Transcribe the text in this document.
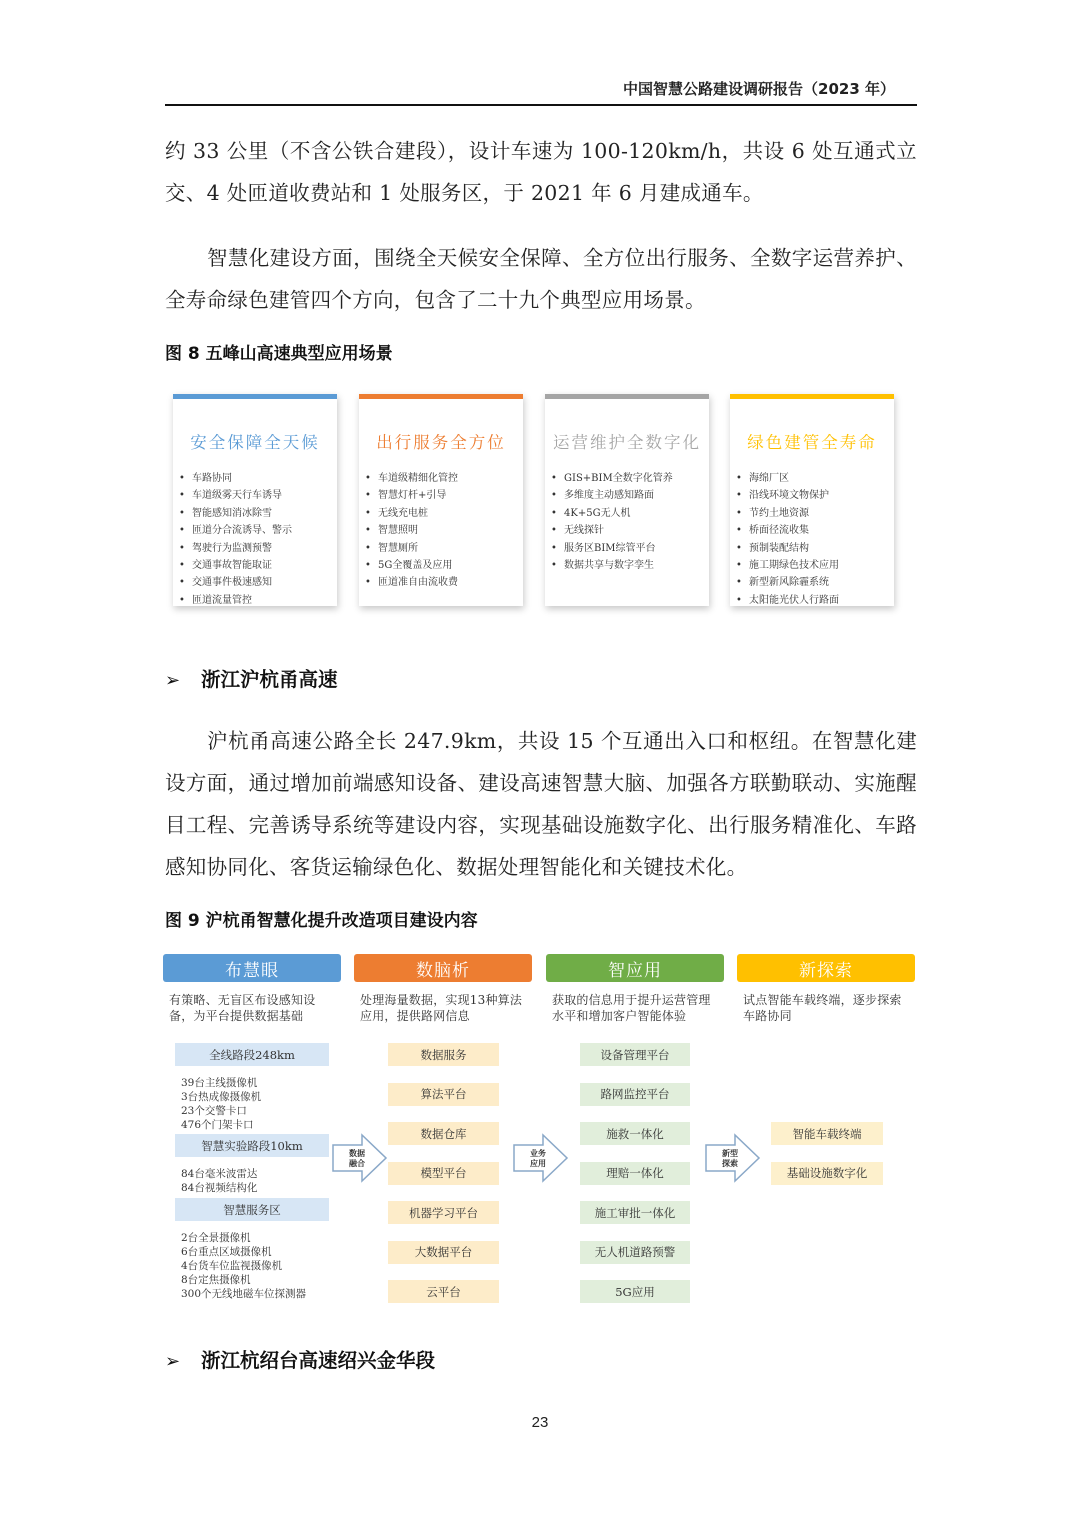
中国智慧公路建设调研报告（2023 年）
约 33 公里（不含公铁合建段），设计车速为 100-120km/h，共设 6 处互通式立交、4 处匝道收费站和 1 处服务区，于 2021 年 6 月建成通车。
智慧化建设方面，围绕全天候安全保障、全方位出行服务、全数字运营养护、全寿命绿色建管四个方向，包含了二十九个典型应用场景。
图 8 五峰山高速典型应用场景
安全保障全天候
• 车路协同
• 车道级雾天行车诱导
• 智能感知消冰除雪
• 匝道分合流诱导、警示
• 驾驶行为监测预警
• 交通事故智能取证
• 交通事件极速感知
• 匝道流量管控
出行服务全方位
• 车道级精细化管控
• 智慧灯杆+引导
• 无线充电桩
• 智慧照明
• 智慧厕所
• 5G全覆盖及应用
• 匝道准自由流收费
运营维护全数字化
• GIS+BIM全数字化管养
• 多维度主动感知路面
• 4K+5G无人机
• 无线探针
• 服务区BIM综管平台
• 数据共享与数字孪生
绿色建管全寿命
• 海绵厂区
• 沿线环境文物保护
• 节约土地资源
• 桥面径流收集
• 预制装配结构
• 施工期绿色技术应用
• 新型新风除霾系统
• 太阳能光伏人行路面
➢ 浙江沪杭甬高速
沪杭甬高速公路全长 247.9km，共设 15 个互通出入口和枢纽。在智慧化建设方面，通过增加前端感知设备、建设高速智慧大脑、加强各方联勤联动、实施醒目工程、完善诱导系统等建设内容，实现基础设施数字化、出行服务精准化、车路感知协同化、客货运输绿色化、数据处理智能化和关键技术化。
图 9 沪杭甬智慧化提升改造项目建设内容
布慧眼
有策略、无盲区布设感知设备，为平台提供数据基础
数脑析
处理海量数据，实现13种算法应用，提供路网信息
智应用
获取的信息用于提升运营管理水平和增加客户智能体验
新探索
试点智能车载终端，逐步探索车路协同
全线路段248km
39台主线摄像机
3台热成像摄像机
23个交警卡口
476个门架卡口
智慧实验路段10km
84台毫米波雷达
84台视频结构化
智慧服务区
2台全景摄像机
6台重点区域摄像机
4台货车位监视摄像机
8台定焦摄像机
300个无线地磁车位探测器
数据服务
算法平台
数据仓库
模型平台
机器学习平台
大数据平台
云平台
设备管理平台
路网监控平台
施救一体化
理赔一体化
施工审批一体化
无人机道路预警
5G应用
智能车载终端
基础设施数字化
数据
融合
业务
应用
新型
探索
➢ 浙江杭绍台高速绍兴金华段
23
